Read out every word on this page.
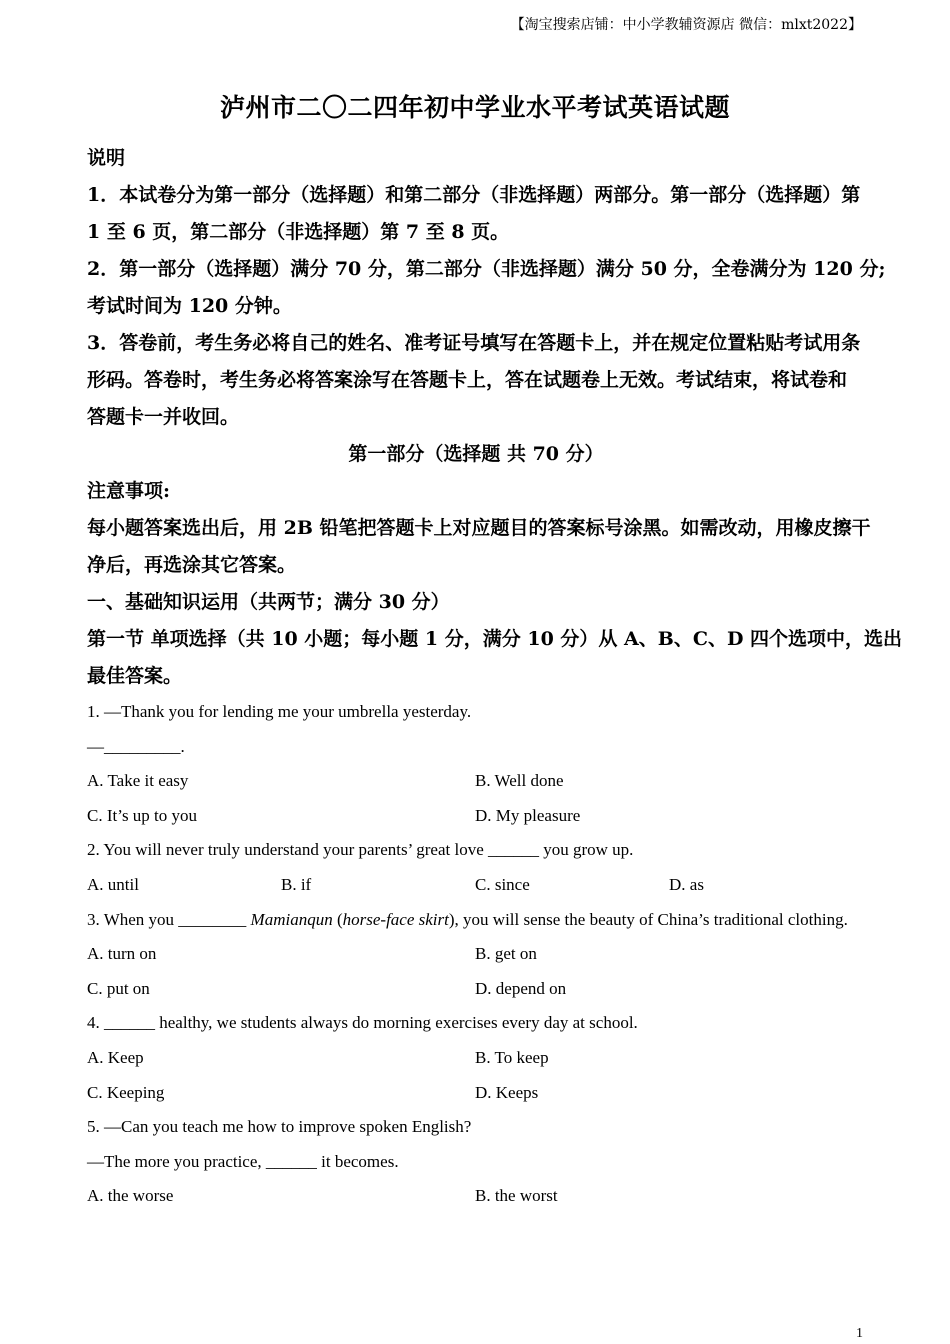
【淘宝搜索店铺：中小学教辅资源店 微信：mlxt2022】
泸州市二〇二四年初中学业水平考试英语试题
说明
1．本试卷分为第一部分（选择题）和第二部分（非选择题）两部分。第一部分（选择题）第
1 至 6 页，第二部分（非选择题）第 7 至 8 页。
2．第一部分（选择题）满分 70 分，第二部分（非选择题）满分 50 分，全卷满分为 120 分;
考试时间为 120 分钟。
3．答卷前，考生务必将自己的姓名、准考证号填写在答题卡上，并在规定位置粘贴考试用条
形码。答卷时，考生务必将答案涂写在答题卡上，答在试题卷上无效。考试结束，将试卷和
答题卡一并收回。
第一部分（选择题 共 70 分）
注意事项:
每小题答案选出后，用 2B 铅笔把答题卡上对应题目的答案标号涂黑。如需改动，用橡皮擦干
净后，再选涂其它答案。
一、基础知识运用（共两节；满分 30 分）
第一节 单项选择（共 10 小题；每小题 1 分，满分 10 分）从 A、B、C、D 四个选项中，选出
最佳答案。
1. —Thank you for lending me your umbrella yesterday.
—_________.
A. Take it easy	B. Well done
C. It’s up to you	D. My pleasure
2. You will never truly understand your parents’ great love ______ you grow up.
A. until	B. if	C. since	D. as
3. When you ________ Mamianqun (horse-face skirt), you will sense the beauty of China’s traditional clothing.
A. turn on	B. get on
C. put on	D. depend on
4. ______ healthy, we students always do morning exercises every day at school.
A. Keep	B. To keep
C. Keeping	D. Keeps
5. —Can you teach me how to improve spoken English?
—The more you practice, ______ it becomes.
A. the worse	B. the worst
1
